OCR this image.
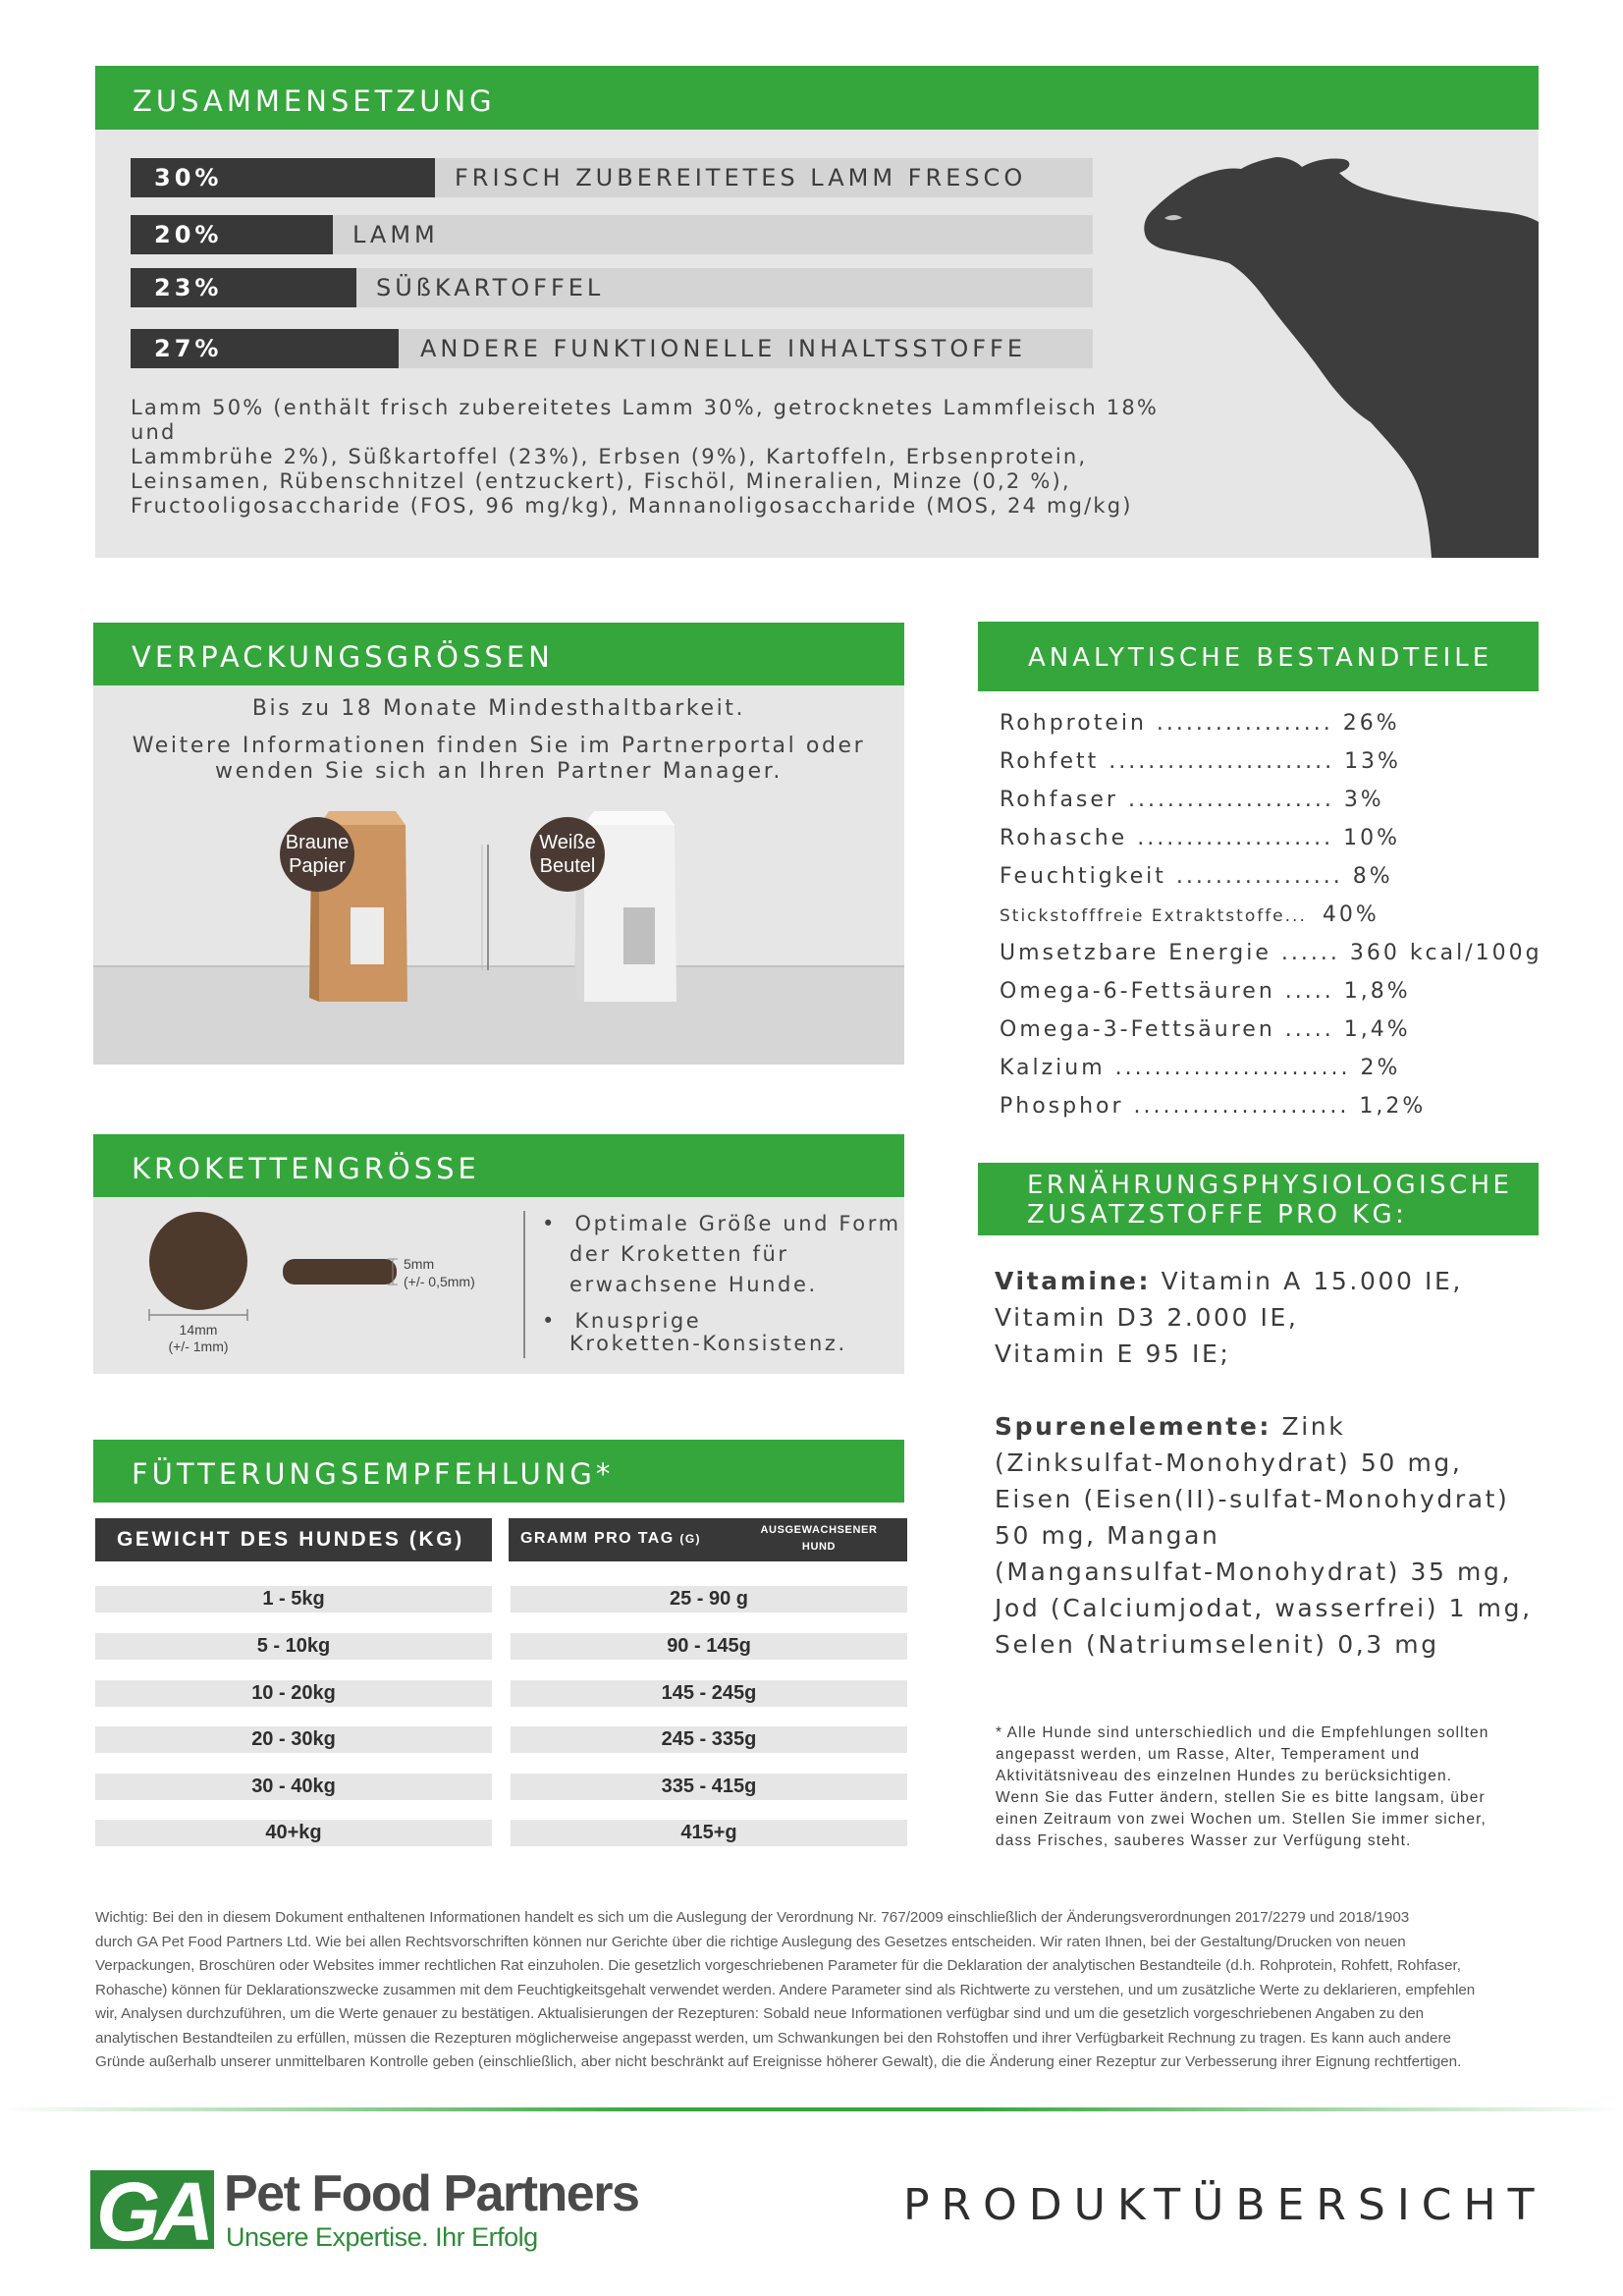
ZUSAMMENSETZUNG
30%	FRISCH ZUBEREITETES LAMM FRESCO
20%	LAMM
23%	SÜßKARTOFFEL
27%	ANDERE FUNKTIONELLE INHALTSSTOFFE
Lamm 50% (enthält frisch zubereitetes Lamm 30%, getrocknetes Lammfleisch 18% und
Lammbrühe 2%), Süßkartoffel (23%), Erbsen (9%), Kartoffeln, Erbsenprotein,
Leinsamen, Rübenschnitzel (entzuckert), Fischöl, Mineralien, Minze (0,2 %),
Fructooligosaccharide (FOS, 96 mg/kg), Mannanoligosaccharide (MOS, 24 mg/kg)
VERPACKUNGSGRÖSSEN
Bis zu 18 Monate Mindesthaltbarkeit.
Weitere Informationen finden Sie im Partnerportal oder
wenden Sie sich an Ihren Partner Manager.
Braune
Papier
Weiße
Beutel
ANALYTISCHE BESTANDTEILE
Rohprotein .................. 26%
Rohfett ....................... 13%
Rohfaser ..................... 3%
Rohasche .................... 10%
Feuchtigkeit ................. 8%
Stickstofffreie Extraktstoffe... 40%
Umsetzbare Energie ...... 360 kcal/100g
Omega-6-Fettsäuren ..... 1,8%
Omega-3-Fettsäuren ..... 1,4%
Kalzium ........................ 2%
Phosphor ...................... 1,2%
KROKETTENGRÖSSE
14mm
(+/- 1mm)
5mm
(+/- 0,5mm)
•  Optimale Größe und Form
der Kroketten für
erwachsene Hunde.
•  Knusprige
Kroketten-Konsistenz.
ERNÄHRUNGSPHYSIOLOGISCHE
ZUSATZSTOFFE PRO KG:
Vitamine: Vitamin A 15.000 IE,
Vitamin D3 2.000 IE,
Vitamin E 95 IE;
Spurenelemente: Zink
(Zinksulfat-Monohydrat) 50 mg,
Eisen (Eisen(II)-sulfat-Monohydrat)
50 mg, Mangan
(Mangansulfat-Monohydrat) 35 mg,
Jod (Calciumjodat, wasserfrei) 1 mg,
Selen (Natriumselenit) 0,3 mg
FÜTTERUNGSEMPFEHLUNG*
GEWICHT DES HUNDES (KG)	GRAMM PRO TAG (G)
AUSGEWACHSENER
HUND
1 - 5kg	25 - 90 g
5 - 10kg	90 - 145g
10 - 20kg	145 - 245g
20 - 30kg	245 - 335g
30 - 40kg	335 - 415g
40+kg	415+g
* Alle Hunde sind unterschiedlich und die Empfehlungen sollten
angepasst werden, um Rasse, Alter, Temperament und
Aktivitätsniveau des einzelnen Hundes zu berücksichtigen.
Wenn Sie das Futter ändern, stellen Sie es bitte langsam, über
einen Zeitraum von zwei Wochen um. Stellen Sie immer sicher,
dass Frisches, sauberes Wasser zur Verfügung steht.
Wichtig: Bei den in diesem Dokument enthaltenen Informationen handelt es sich um die Auslegung der Verordnung Nr. 767/2009 einschließlich der Änderungsverordnungen 2017/2279 und 2018/1903
durch GA Pet Food Partners Ltd. Wie bei allen Rechtsvorschriften können nur Gerichte über die richtige Auslegung des Gesetzes entscheiden. Wir raten Ihnen, bei der Gestaltung/Drucken von neuen
Verpackungen, Broschüren oder Websites immer rechtlichen Rat einzuholen. Die gesetzlich vorgeschriebenen Parameter für die Deklaration der analytischen Bestandteile (d.h. Rohprotein, Rohfett, Rohfaser,
Rohasche) können für Deklarationszwecke zusammen mit dem Feuchtigkeitsgehalt verwendet werden. Andere Parameter sind als Richtwerte zu verstehen, und um zusätzliche Werte zu deklarieren, empfehlen
wir, Analysen durchzuführen, um die Werte genauer zu bestätigen. Aktualisierungen der Rezepturen: Sobald neue Informationen verfügbar sind und um die gesetzlich vorgeschriebenen Angaben zu den
analytischen Bestandteilen zu erfüllen, müssen die Rezepturen möglicherweise angepasst werden, um Schwankungen bei den Rohstoffen und ihrer Verfügbarkeit Rechnung zu tragen. Es kann auch andere
Gründe außerhalb unserer unmittelbaren Kontrolle geben (einschließlich, aber nicht beschränkt auf Ereignisse höherer Gewalt), die die Änderung einer Rezeptur zur Verbesserung ihrer Eignung rechtfertigen.
GA Pet Food Partners
Unsere Expertise. Ihr Erfolg
PRODUKTÜBERSICHT
